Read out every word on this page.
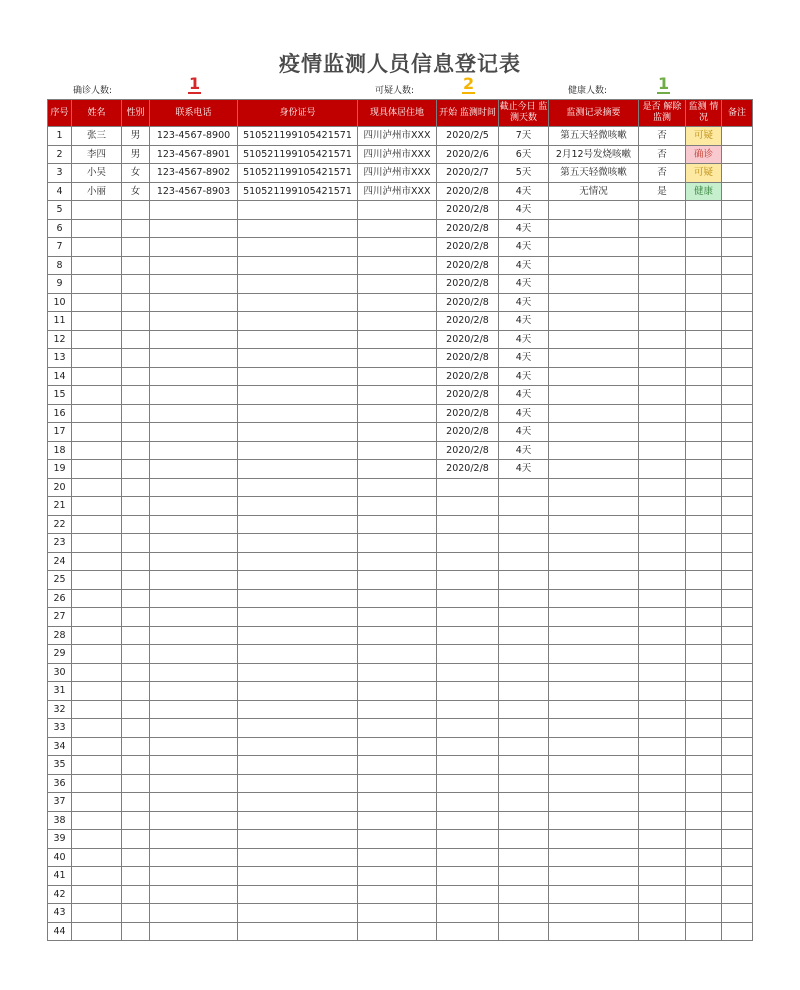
疫情监测人员信息登记表
确诊人数:	1	可疑人数:	2	健康人数:	1
序号	姓名	性别	联系电话	身份证号	现具体居住地	开始 监测时间	截止今日 监测天数	监测记录摘要	是否 解除监测	监测 情况	备注
1	张三	男	123-4567-8900	510521199105421571	四川泸州市XXX	2020/2/5	7天	第五天轻微咳嗽	否	可疑	
2	李四	男	123-4567-8901	510521199105421571	四川泸州市XXX	2020/2/6	6天	2月12号发烧咳嗽	否	确诊	
3	小吴	女	123-4567-8902	510521199105421571	四川泸州市XXX	2020/2/7	5天	第五天轻微咳嗽	否	可疑	
4	小丽	女	123-4567-8903	510521199105421571	四川泸州市XXX	2020/2/8	4天	无情况	是	健康	
5						2020/2/8	4天				
6						2020/2/8	4天				
7						2020/2/8	4天				
8						2020/2/8	4天				
9						2020/2/8	4天				
10						2020/2/8	4天				
11						2020/2/8	4天				
12						2020/2/8	4天				
13						2020/2/8	4天				
14						2020/2/8	4天				
15						2020/2/8	4天				
16						2020/2/8	4天				
17						2020/2/8	4天				
18						2020/2/8	4天				
19						2020/2/8	4天				
20											
21											
22											
23											
24											
25											
26											
27											
28											
29											
30											
31											
32											
33											
34											
35											
36											
37											
38											
39											
40											
41											
42											
43											
44											
